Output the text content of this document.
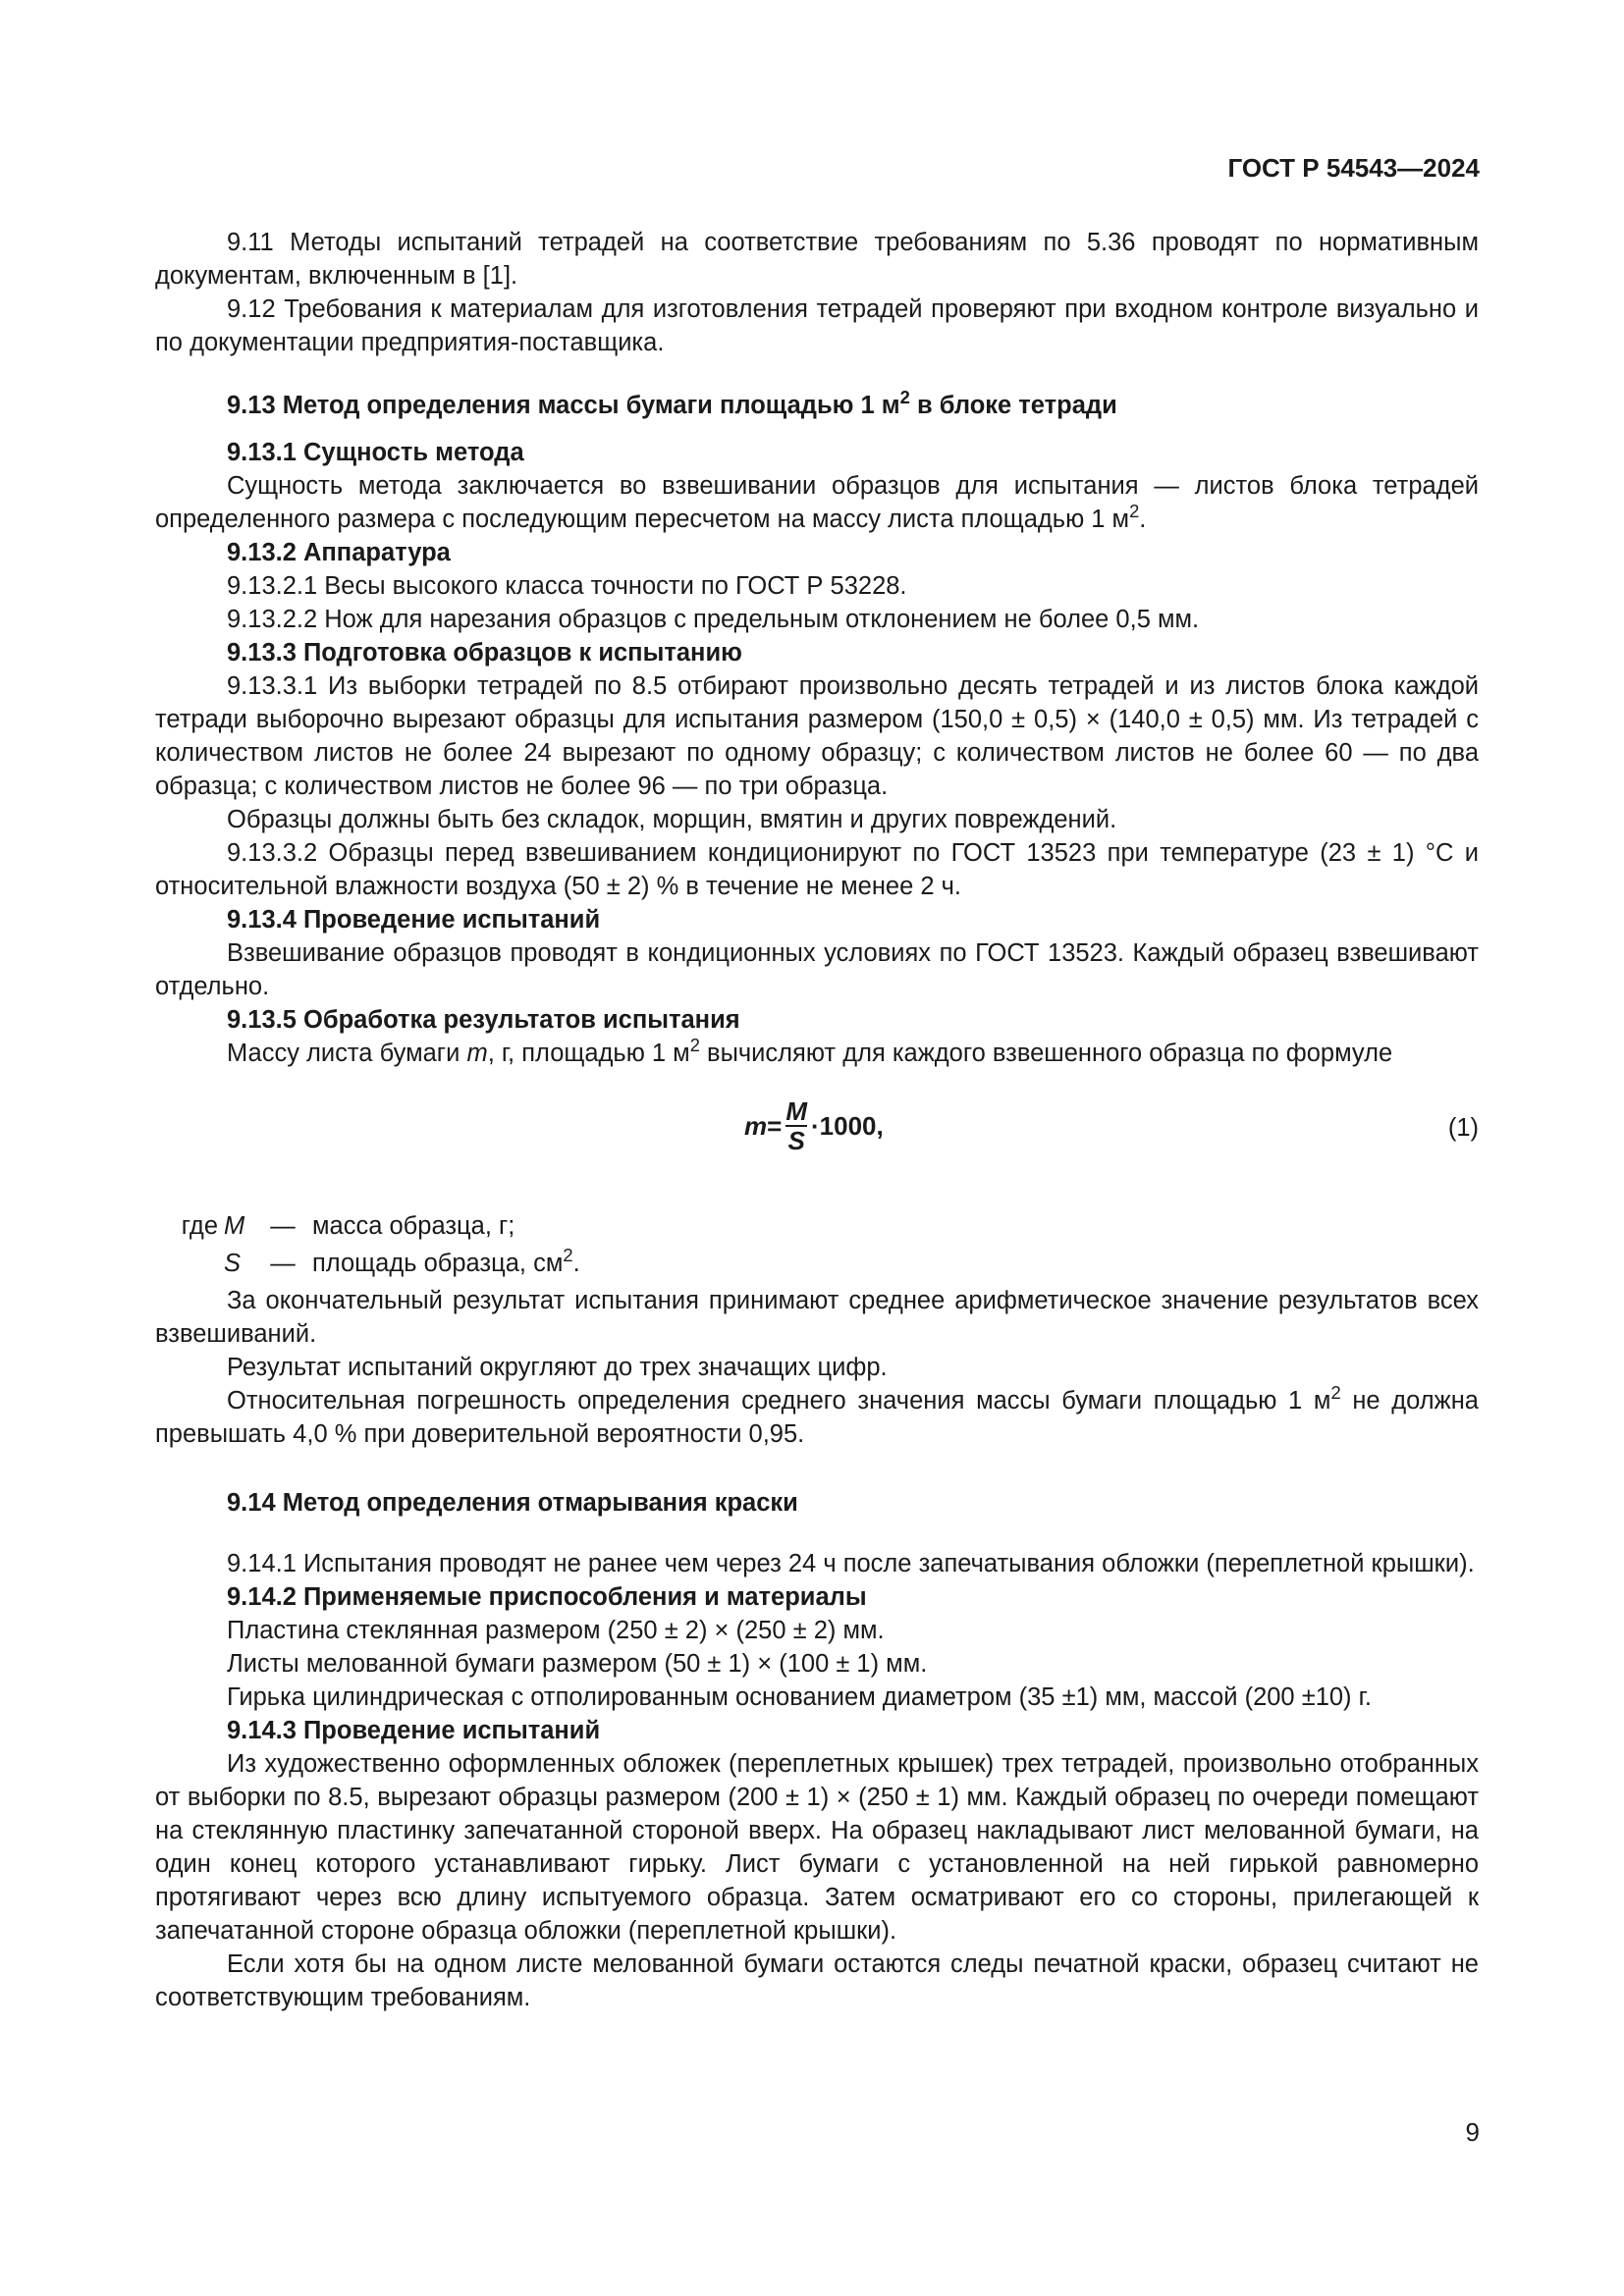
ГОСТ Р 54543—2024

9.11 Методы испытаний тетрадей на соответствие требованиям по 5.36 проводят по нормативным документам, включенным в [1].

9.12 Требования к материалам для изготовления тетрадей проверяют при входном контроле визуально и по документации предприятия-поставщика.

9.13 Метод определения массы бумаги площадью 1 $м^2$ в блоке тетради

9.13.1 Сущность метода

Сущность метода заключается во взвешивании образцов для испытания — листов блока тетрадей определенного размера с последующим пересчетом на массу листа площадью 1 $м^2$.

9.13.2 Аппаратура

9.13.2.1 Весы высокого класса точности по ГОСТ Р 53228.

9.13.2.2 Нож для нарезания образцов с предельным отклонением не более 0,5 мм.

9.13.3 Подготовка образцов к испытанию

9.13.3.1 Из выборки тетрадей по 8.5 отбирают произвольно десять тетрадей и из листов блока каждой тетради выборочно вырезают образцы для испытания размером (150,0 ± 0,5) × (140,0 ± 0,5) мм. Из тетрадей с количеством листов не более 24 вырезают по одному образцу; с количеством листов не более 60 — по два образца; с количеством листов не более 96 — по три образца.

Образцы должны быть без складок, морщин, вмятин и других повреждений.

9.13.3.2 Образцы перед взвешиванием кондиционируют по ГОСТ 13523 при температуре (23 ± 1) °С и относительной влажности воздуха (50 ± 2) % в течение не менее 2 ч.

9.13.4 Проведение испытаний

Взвешивание образцов проводят в кондиционных условиях по ГОСТ 13523. Каждый образец взвешивают отдельно.

9.13.5 Обработка результатов испытания

Массу листа бумаги m, г, площадью 1 $м^2$ вычисляют для каждого взвешенного образца по формуле

$m = \frac{M}{S} \cdot 1000$,	(1)
где M	— масса образца, г;
S	— площадь образца, $см^2$.

За окончательный результат испытания принимают среднее арифметическое значение результатов всех взвешиваний.

Результат испытаний округляют до трех значащих цифр.

Относительная погрешность определения среднего значения массы бумаги площадью 1 $м^2$ не должна превышать 4,0 % при доверительной вероятности 0,95.

9.14 Метод определения отмарывания краски

9.14.1 Испытания проводят не ранее чем через 24 ч после запечатывания обложки (переплетной крышки).

9.14.2 Применяемые приспособления и материалы

Пластина стеклянная размером (250 ± 2) × (250 ± 2) мм.

Листы мелованной бумаги размером (50 ± 1) × (100 ± 1) мм.

Гирька цилиндрическая с отполированным основанием диаметром (35 ±1) мм, массой (200 ±10) г.

9.14.3 Проведение испытаний

Из художественно оформленных обложек (переплетных крышек) трех тетрадей, произвольно отобранных от выборки по 8.5, вырезают образцы размером (200 ± 1) × (250 ± 1) мм. Каждый образец по очереди помещают на стеклянную пластинку запечатанной стороной вверх. На образец накладывают лист мелованной бумаги, на один конец которого устанавливают гирьку. Лист бумаги с установленной на ней гирькой равномерно протягивают через всю длину испытуемого образца. Затем осматривают его со стороны, прилегающей к запечатанной стороне образца обложки (переплетной крышки).

Если хотя бы на одном листе мелованной бумаги остаются следы печатной краски, образец считают не соответствующим требованиям.

9
